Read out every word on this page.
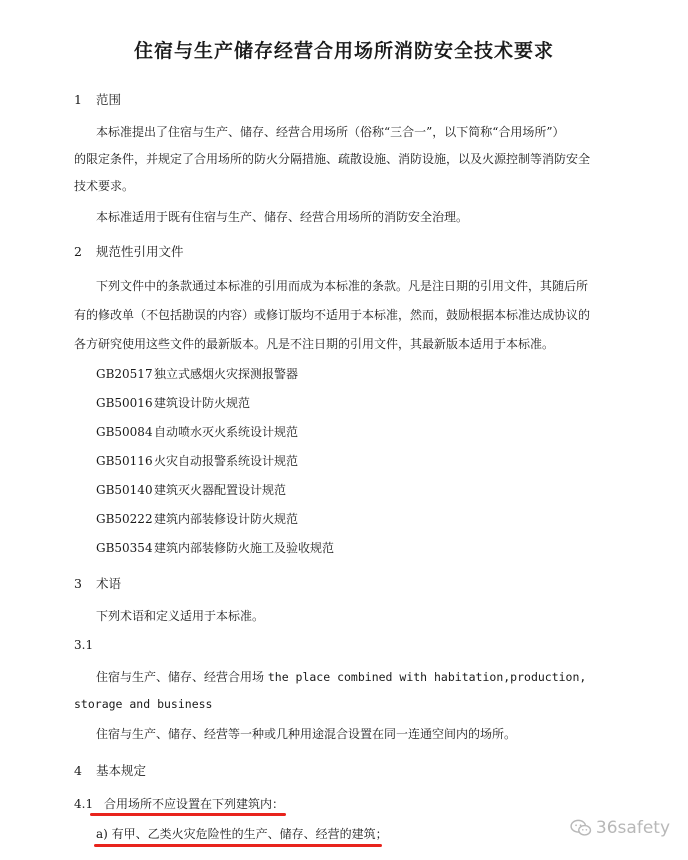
住宿与生产储存经营合用场所消防安全技术要求
1 范围
本标准提出了住宿与生产、储存、经营合用场所（俗称“三合一”，以下简称“合用场所”）
的限定条件，并规定了合用场所的防火分隔措施、疏散设施、消防设施，以及火源控制等消防安全
技术要求。
本标准适用于既有住宿与生产、储存、经营合用场所的消防安全治理。
2 规范性引用文件
下列文件中的条款通过本标准的引用而成为本标准的条款。凡是注日期的引用文件，其随后所
有的修改单（不包括勘误的内容）或修订版均不适用于本标准，然而，鼓励根据本标准达成协议的
各方研究使用这些文件的最新版本。凡是不注日期的引用文件，其最新版本适用于本标准。
GB20517独立式感烟火灾探测报警器
GB50016建筑设计防火规范
GB50084自动喷水灭火系统设计规范
GB50116火灾自动报警系统设计规范
GB50140建筑灭火器配置设计规范
GB50222建筑内部装修设计防火规范
GB50354建筑内部装修防火施工及验收规范
3 术语
下列术语和定义适用于本标准。
3.1
住宿与生产、储存、经营合用场 the place combined with habitation,production,
storage and business
住宿与生产、储存、经营等一种或几种用途混合设置在同一连通空间内的场所。
4 基本规定
4.1 合用场所不应设置在下列建筑内：
a) 有甲、乙类火灾危险性的生产、储存、经营的建筑；	36safety
